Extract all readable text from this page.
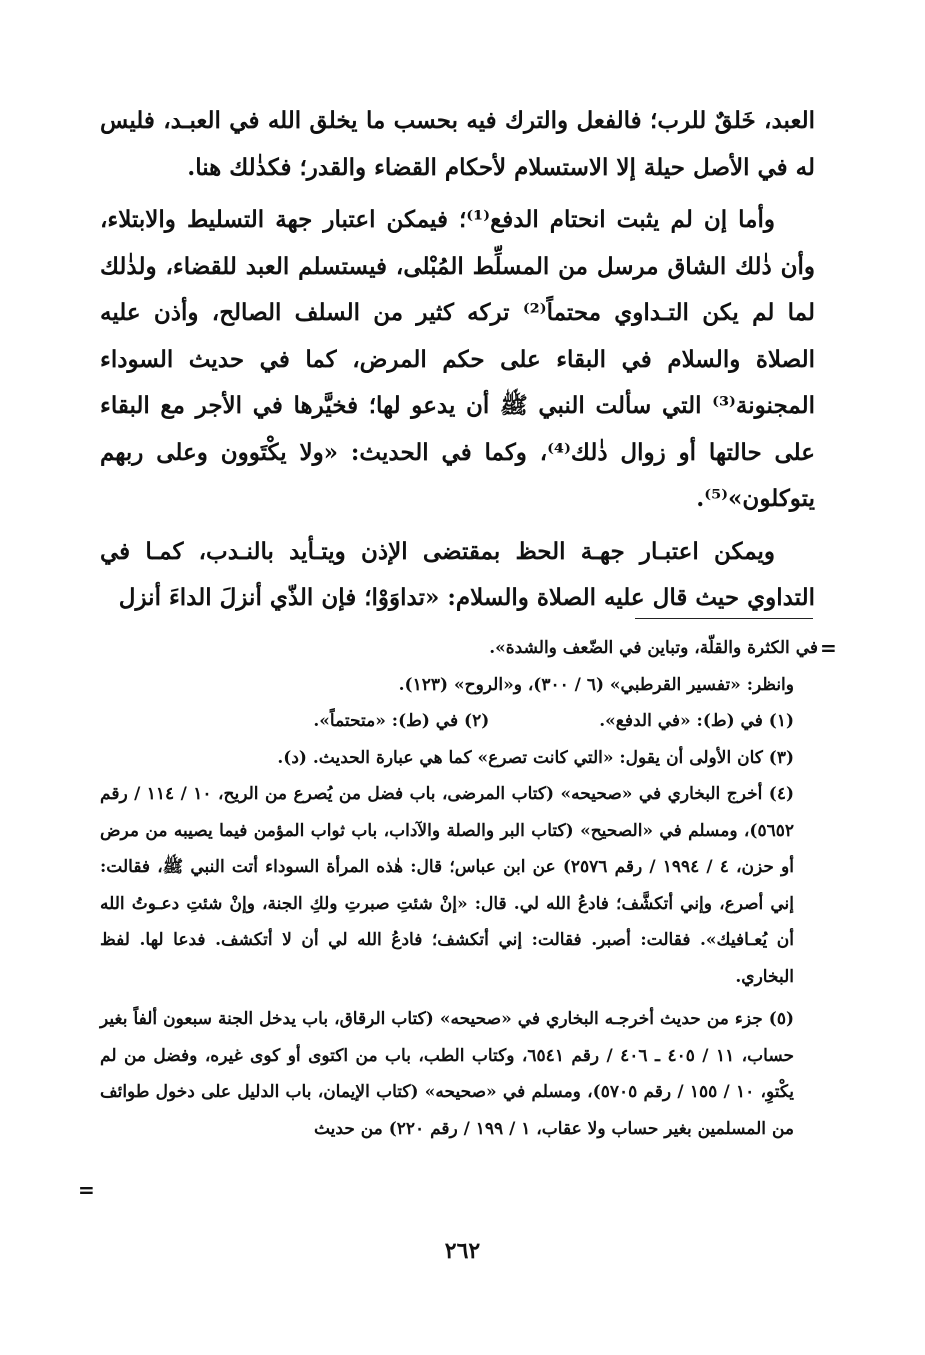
العبد، خَلقٌ للرب؛ فالفعل والترك فيه بحسب ما يخلق الله في العبـد، فليس له في الأصل حيلة إلا الاستسلام لأحكام القضاء والقدر؛ فكذٰلك هنا.

وأما إن لم يثبت انحتام الدفع⁽¹⁾؛ فيمكن اعتبار جهة التسليط والابتلاء، وأن ذٰلك الشاق مرسل من المسلِّط المُبْلى، فيستسلم العبد للقضاء، ولذٰلك لما لم يكن التـداوي محتماً⁽²⁾ تركه كثير من السلف الصالح، وأذن عليه الصلاة والسلام في البقاء على حكم المرض، كما في حديث السوداء المجنونة⁽³⁾ التي سألت النبي ﷺ أن يدعو لها؛ فخيَّرها في الأجر مع البقاء على حالتها أو زوال ذٰلك⁽⁴⁾، وكما في الحديث: «ولا يكْتَوون وعلى ربهم يتوكلون»⁽⁵⁾.

ويمكن اعتبـار جهـة الحظ بمقتضى الإذن ويتـأيد بالنـدب، كمـا في التداوي حيث قال عليه الصلاة والسلام: «تداوَوْا؛ فإن الذّي أنزلَ الداءَ أنزل

=

في الكثرة والقلّة، وتباين في الضّعف والشدة».

وانظر: «تفسير القرطبي» (٦ / ٣٠٠)، و«الروح» (١٢٣).

(١) في (ط): «في الدفع».
(٢) في (ط): «متحتماً».

(٣) كان الأولى أن يقول: «التي كانت تصرع» كما هي عبارة الحديث. (د).

(٤) أخرج البخاري في «صحيحه» (كتاب المرضى، باب فضل من يُصرع من الريح، ١٠ / ١١٤ / رقم ٥٦٥٢)، ومسلم في «الصحيح» (كتاب البر والصلة والآداب، باب ثواب المؤمن فيما يصيبه من مرض أو حزن، ٤ / ١٩٩٤ / رقم ٢٥٧٦) عن ابن عباس؛ قال: هٰذه المرأة السوداء أتت النبي ﷺ، فقالت: إني أصرع، وإني أتكشَّف؛ فادعُ الله لي. قال: «إنْ شئتِ صبرتِ ولكِ الجنة، وإنْ شئتِ دعـوتُ الله أن يُعـافيك». فقالت: أصبر. فقالت: إني أتكشف؛ فادعُ الله لي أن لا أتكشف. فدعا لها. لفظ البخاري.

(٥) جزء من حديث أخرجـه البخاري في «صحيحه» (كتاب الرقاق، باب يدخل الجنة سبعون ألفاً بغير حساب، ١١ / ٤٠٥ ـ ٤٠٦ / رقم ٦٥٤١، وكتاب الطب، باب من اكتوى أو كوى غيره، وفضل من لم يكْتوِ، ١٠ / ١٥٥ / رقم ٥٧٠٥)، ومسلم في «صحيحه» (كتاب الإيمان، باب الدليل على دخول طوائف من المسلمين بغير حساب ولا عقاب، ١ / ١٩٩ / رقم ٢٢٠) من حديث

=
٢٦٢
